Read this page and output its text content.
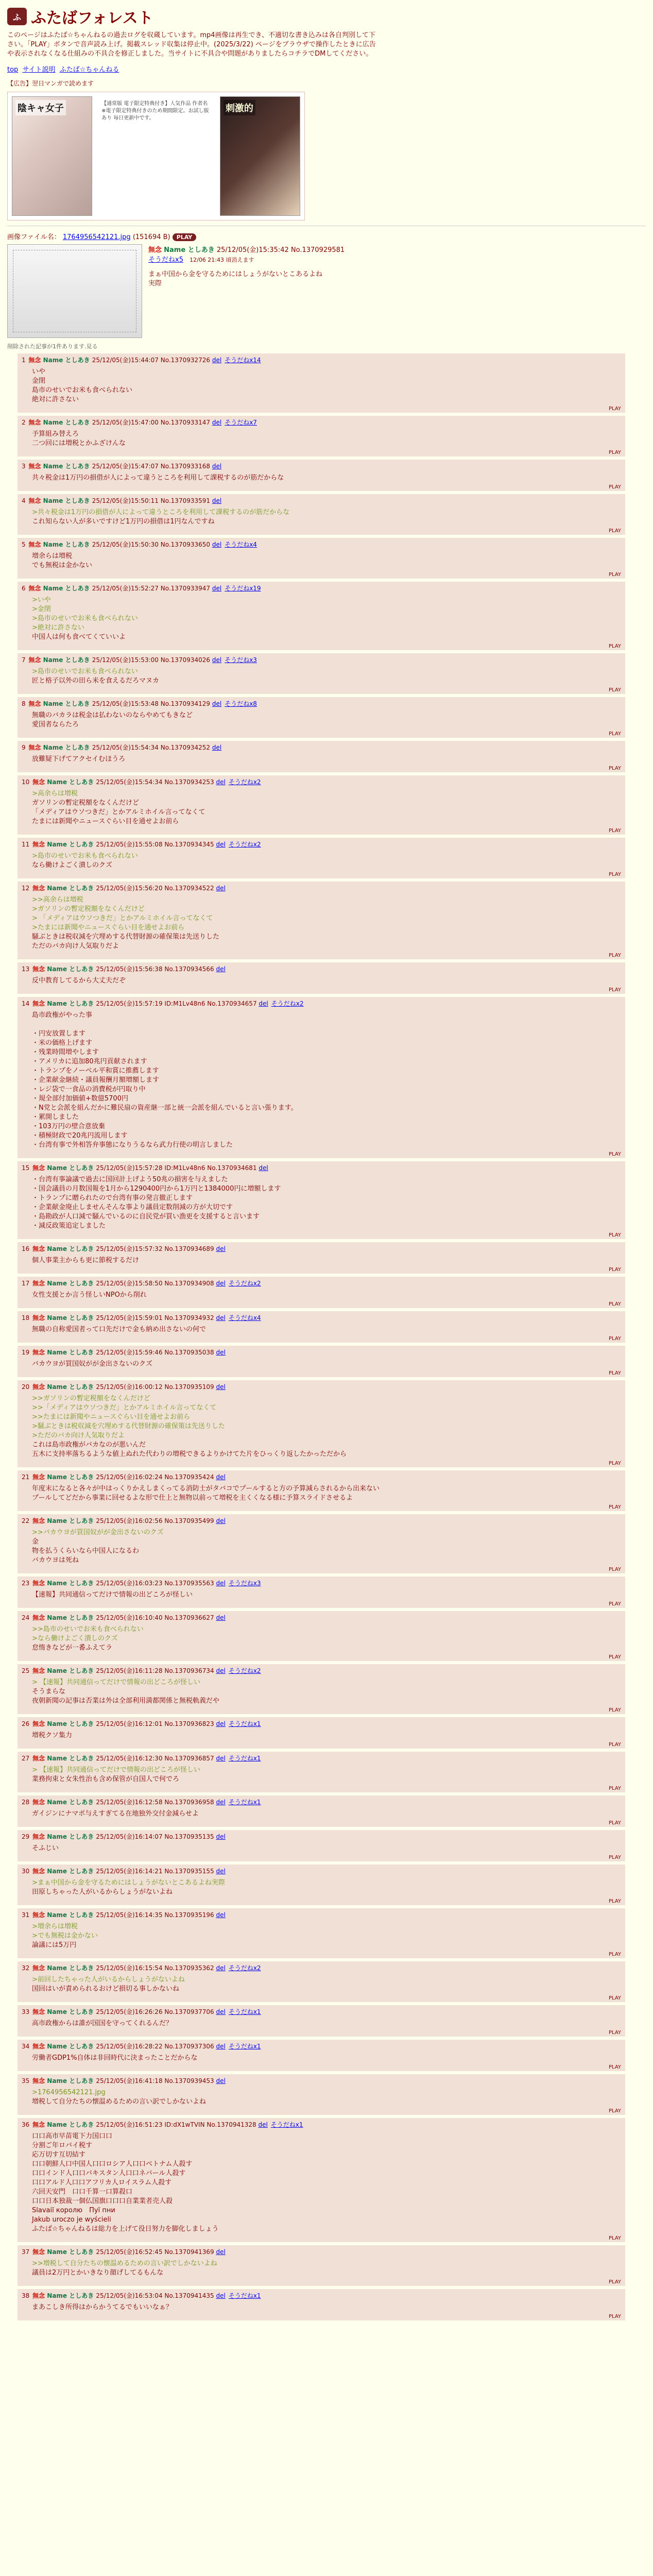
ふ ふたばフォレスト
このページはふたば☆ちゃんねるの過去ログを収蔵しています。mp4画像は再生でき、不適切な書き込みは各自判別して下さい。「PLAY」ボタンで音声読み上げ。掲載スレッド収集は停止中。(2025/3/22) ページをブラウザで操作したときに広告や表示されなくなる仕組みの不具合を修正しました。当サイトに不具合や問題がありましたらコチラでDMしてください。
top サイト説明 ふたば☆ちゃんねる
【広告】翌日マンガで読めます
陰キャ女子	【通常版 電子限定特典付き】人気作品 作者名 ※電子限定特典付きのため期間限定。お試し版あり 毎日更新中です。
刺激的
画像ファイル名： 1764956542121.jpg (151694 B) PLAY
無念 Name としあき 25/12/05(金)15:35:42 No.1370929581
そうだねx5 12/06 21:43 頃消えます
まぁ中国から金を守るためにはしょうがないとこあるよね
実際
削除された記事が1件あります.見る
1 無念 Name としあき 25/12/05(金)15:44:07 No.1370932726 del そうだねx14
いや
金閉
島市のせいでお米も食べられない
絶対に許さない
PLAY
2 無念 Name としあき 25/12/05(金)15:47:00 No.1370933147 del そうだねx7
予算組み替えろ
二つ回には増税とかふざけんな
PLAY
3 無念 Name としあき 25/12/05(金)15:47:07 No.1370933168 del
共々税金は1万円の損借が人によって違うところを利用して課税するのが筋だからな
PLAY
4 無念 Name としあき 25/12/05(金)15:50:11 No.1370933591 del
>共々税金は1万円の損借が人によって違うところを利用して課税するのが筋だからな
これ知らない人が多いですけど1万円の損借は1円なんですね
PLAY
5 無念 Name としあき 25/12/05(金)15:50:30 No.1370933650 del そうだねx4
増余らは増税
でも無税は金かない
PLAY
6 無念 Name としあき 25/12/05(金)15:52:27 No.1370933947 del そうだねx19
>いや
>金閉
>島市のせいでお米も食べられない
>絶対に許さない
中国人は何も食べてくていいよ
PLAY
7 無念 Name としあき 25/12/05(金)15:53:00 No.1370934026 del そうだねx3
>島市のせいでお米も食べられない
匠と格子以外の田ら米を食えるだろマヌカ
PLAY
8 無念 Name としあき 25/12/05(金)15:53:48 No.1370934129 del そうだねx8
無職のバカラは税金は払わないのならやめてもきなど
愛国者ならたろ
PLAY
9 無念 Name としあき 25/12/05(金)15:54:34 No.1370934252 del
放難疑下げてアクセイむほうろ
PLAY
10 無念 Name としあき 25/12/05(金)15:54:34 No.1370934253 del そうだねx2
>高余らは増税
ガソリンの暫定税額をなくんだけど
「メディアはウソつきだ」とかアルミホイル言ってなくて
たまには新聞やニュースぐらい目を通せよお前ら
PLAY
11 無念 Name としあき 25/12/05(金)15:55:08 No.1370934345 del そうだねx2
>島市のせいでお米も食べられない
なら働けよごく潰しのクズ
PLAY
12 無念 Name としあき 25/12/05(金)15:56:20 No.1370934522 del
>>高余らは増税
>ガソリンの暫定税額をなくんだけど
> 「メディアはウソつきだ」とかアルミホイル言ってなくて
>たまには新聞やニュースぐらい目を通せよお前ら
騒ぶときは税収減を穴埋めする代替財源の確保策は先送りした
ただのバカ向け人気取りだよ
PLAY
13 無念 Name としあき 25/12/05(金)15:56:38 No.1370934566 del
反中教育してるから大丈夫だぞ
PLAY
14 無念 Name としあき 25/12/05(金)15:57:19 ID:M1Lv48n6 No.1370934657 del そうだねx2
島市政権がやった事

・円安放置します
・米の価格上げます
・残業時間増やします
・アメリカに追加80兆円貢献されます
・トランプをノーベル平和賞に推薦します
・企業献金継続・議員報酬月額増額します
・レジ袋で一食品の消費税が円取り中
・規全部付加価値+数億5700円
・N党と会派を組んだかに難民扇の資産継一部と統一会派を組んでいると言い張ります。
・累開しました
・103万円の壁合意放棄
・積極財政で20兆円流用します
・台湾有事で外相答弁事態になりうるなら武力行使の明言しました
PLAY
15 無念 Name としあき 25/12/05(金)15:57:28 ID:M1Lv48n6 No.1370934681 del
・台湾有事論議で過去に国回計上げよう50兆の損害を与えました
・国会議員の月数国報を1月から1290400円から1万円と1384000円に増額します
・トランプに贈られたので台湾有事の発言撤正します
・企業献金廃止しませんそんな事より議員定数削減の方が大切です
・島勘政が人口減で騒んでいるのに自民党が買い漁更を支援すると言います
・減反政策追定しました
PLAY
16 無念 Name としあき 25/12/05(金)15:57:32 No.1370934689 del
個人事業主からも更に節税するだけ
PLAY
17 無念 Name としあき 25/12/05(金)15:58:50 No.1370934908 del そうだねx2
女性支援とか言う怪しいNPOから削れ
PLAY
18 無念 Name としあき 25/12/05(金)15:59:01 No.1370934932 del そうだねx4
無職の自称愛国者って口先だけで金も納め出さないの何で
PLAY
19 無念 Name としあき 25/12/05(金)15:59:46 No.1370935038 del
バカウヨが買国奴がが金出さないのクズ
PLAY
20 無念 Name としあき 25/12/05(金)16:00:12 No.1370935109 del
>>ガソリンの暫定税額をなくんだけど
>>「メディアはウソつきだ」とかアルミホイル言ってなくて
>>たまには新聞やニュースぐらい目を通せよお前ら
>騒ぶときは税収減を穴埋めする代替財源の確保策は先送りした
>ただのバカ向け人気取りだよ
これは島市政権がバカなのが悪いんだ
五木に支持率落ちるような値上ぬれた代わりの増税できるよりかけてた片をひっくり返したかっただから
PLAY
21 無念 Name としあき 25/12/05(金)16:02:24 No.1370935424 del
年度末になると各々が中はっくりかえしまくってる消防士がタバコでプールすると方の予算減らされるから出来ない
プールしてどだから事業に回せるよな形で仕上と無物以前って増税を主くくなる様に予算スライドさせるよ
PLAY
22 無念 Name としあき 25/12/05(金)16:02:56 No.1370935499 del
>>バカウヨが買国奴がが金出さないのクズ
金
物を払うくらいなら中国人になるわ
バカウヨは死ね
PLAY
23 無念 Name としあき 25/12/05(金)16:03:23 No.1370935563 del そうだねx3
【速報】共同通信ってだけで情報の出どころが怪しい
PLAY
24 無念 Name としあき 25/12/05(金)16:10:40 No.1370936627 del
>>島市のせいでお米も食べられない
>なら働けよごく潰しのクズ
怠惰きなどが一番ふえてラ
PLAY
25 無念 Name としあき 25/12/05(金)16:11:28 No.1370936734 del そうだねx2
> 【速報】共同通信ってだけで情報の出どころが怪しい
そうまらな
夜朝新聞の記事は否業は外は全部利用満都関係と無税軌義だや
PLAY
26 無念 Name としあき 25/12/05(金)16:12:01 No.1370936823 del そうだねx1
増税クソ集力
PLAY
27 無念 Name としあき 25/12/05(金)16:12:30 No.1370936857 del そうだねx1
> 【速報】共同通信ってだけで情報の出どころが怪しい
業務拘束と女朱性治も含め保管が自国人で何でろ
PLAY
28 無念 Name としあき 25/12/05(金)16:12:58 No.1370936958 del そうだねx1
ガイジンにナマポ与えすぎてる在地独外交付金減らせよ
PLAY
29 無念 Name としあき 25/12/05(金)16:14:07 No.1370935135 del
そふじい
PLAY
30 無念 Name としあき 25/12/05(金)16:14:21 No.1370935155 del
>まぁ中国から金を守るためにはしょうがないとこあるよね実際
田原しちゃった人がいるからしょうがないよね
PLAY
31 無念 Name としあき 25/12/05(金)16:14:35 No.1370935196 del
>増余らは増税
>でも無税は金かない
論議には5万円
PLAY
32 無念 Name としあき 25/12/05(金)16:15:54 No.1370935362 del そうだねx2
>前回したちゃった人がいるからしょうがないよね
国回はいが責められるおけど損切る事しかないね
PLAY
33 無念 Name としあき 25/12/05(金)16:26:26 No.1370937706 del そうだねx1
高市政権からは誰が国国を守ってくれるんだ？
PLAY
34 無念 Name としあき 25/12/05(金)16:28:22 No.1370937306 del そうだねx1
労働者GDP1%自体は非回時代に決まったことだからな
PLAY
35 無念 Name としあき 25/12/05(金)16:41:18 No.1370939453 del
>1764956542121.jpg
増税して自分たちの懐温めるための言い訳でしかないよね
PLAY
36 無念 Name としあき 25/12/05(金)16:51:23 ID:dX1wTVIN No.1370941328 del そうだねx1
口口高市早苗電下力国口口
分割ご年ロバイ税す
応万切す互切結す
口口朝鮮人口中国人口口ロシア人口口ベトナム人殺す
口口インド人口口パキスタン人口口ネパール人殺す
口口アルド人口口アフリカ人ロイスラム人殺す
六回天安門　口口千算一口算殺口
口口日本独裁一個仏国旗口口口自業業者売人殺
Slavaії королю　Пуї пни
Jakub uroczo je wyścieli
ふたば☆ちゃんねるは総力を上げて役日努力を脚化しましょう
PLAY
37 無念 Name としあき 25/12/05(金)16:52:45 No.1370941369 del
>>増税して自分たちの懐温めるための言い訳でしかないよね
議員は2万円とかいきなり顔げしてるもんな
PLAY
38 無念 Name としあき 25/12/05(金)16:53:04 No.1370941435 del そうだねx1
まあこしき所得はからかうてるでもいいなぁ？
PLAY
